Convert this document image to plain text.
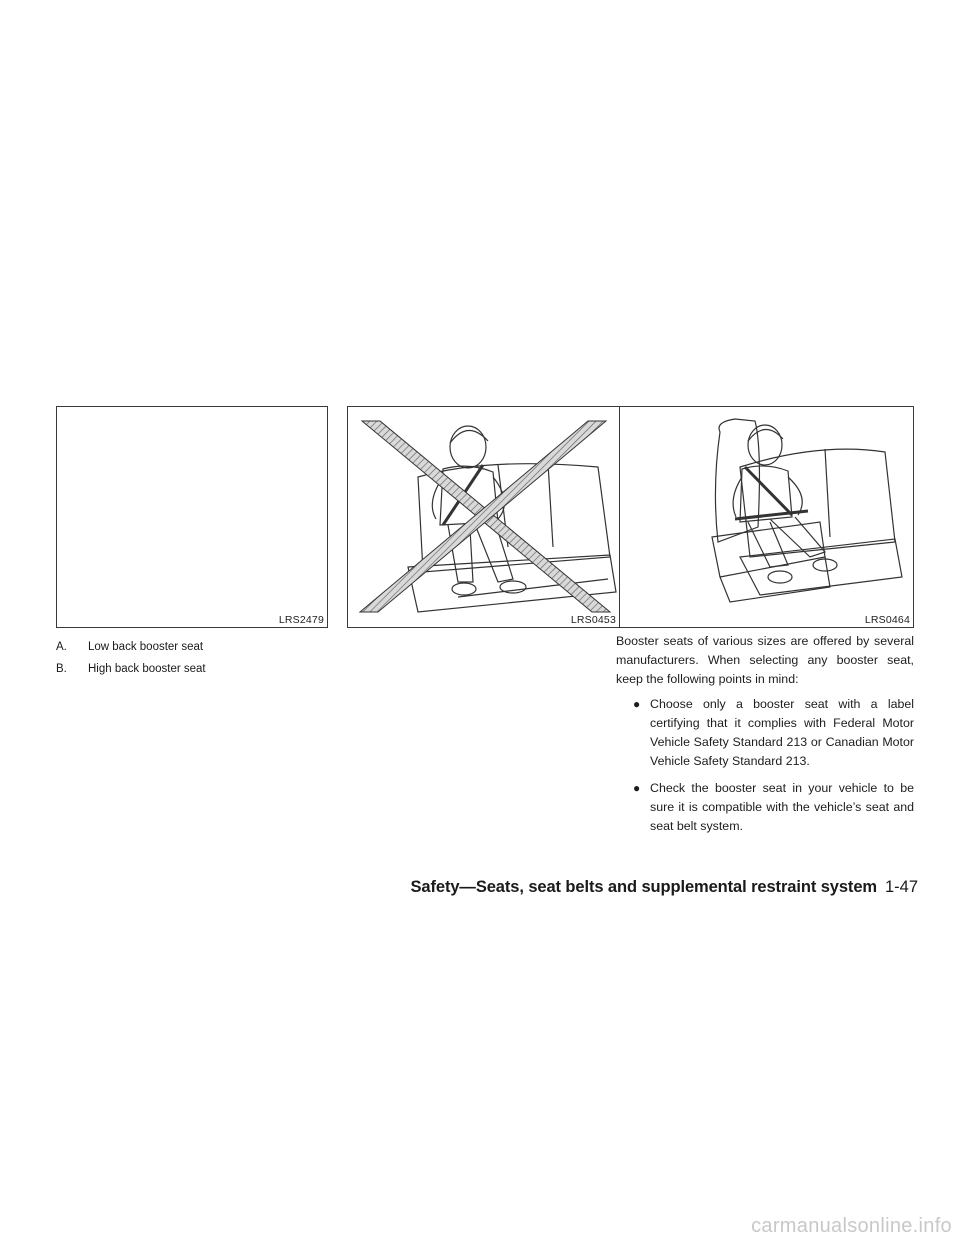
LRS2479	LRS0453	LRS0464
A.	Low back booster seat
B.	High back booster seat
Booster seats of various sizes are offered by several manufacturers. When selecting any booster seat, keep the following points in mind:
● Choose only a booster seat with a label certifying that it complies with Federal Motor Vehicle Safety Standard 213 or Canadian Motor Vehicle Safety Standard 213.
● Check the booster seat in your vehicle to be sure it is compatible with the vehicle’s seat and seat belt system.
Safety—Seats, seat belts and supplemental restraint system 1-47
carmanualsonline.info
